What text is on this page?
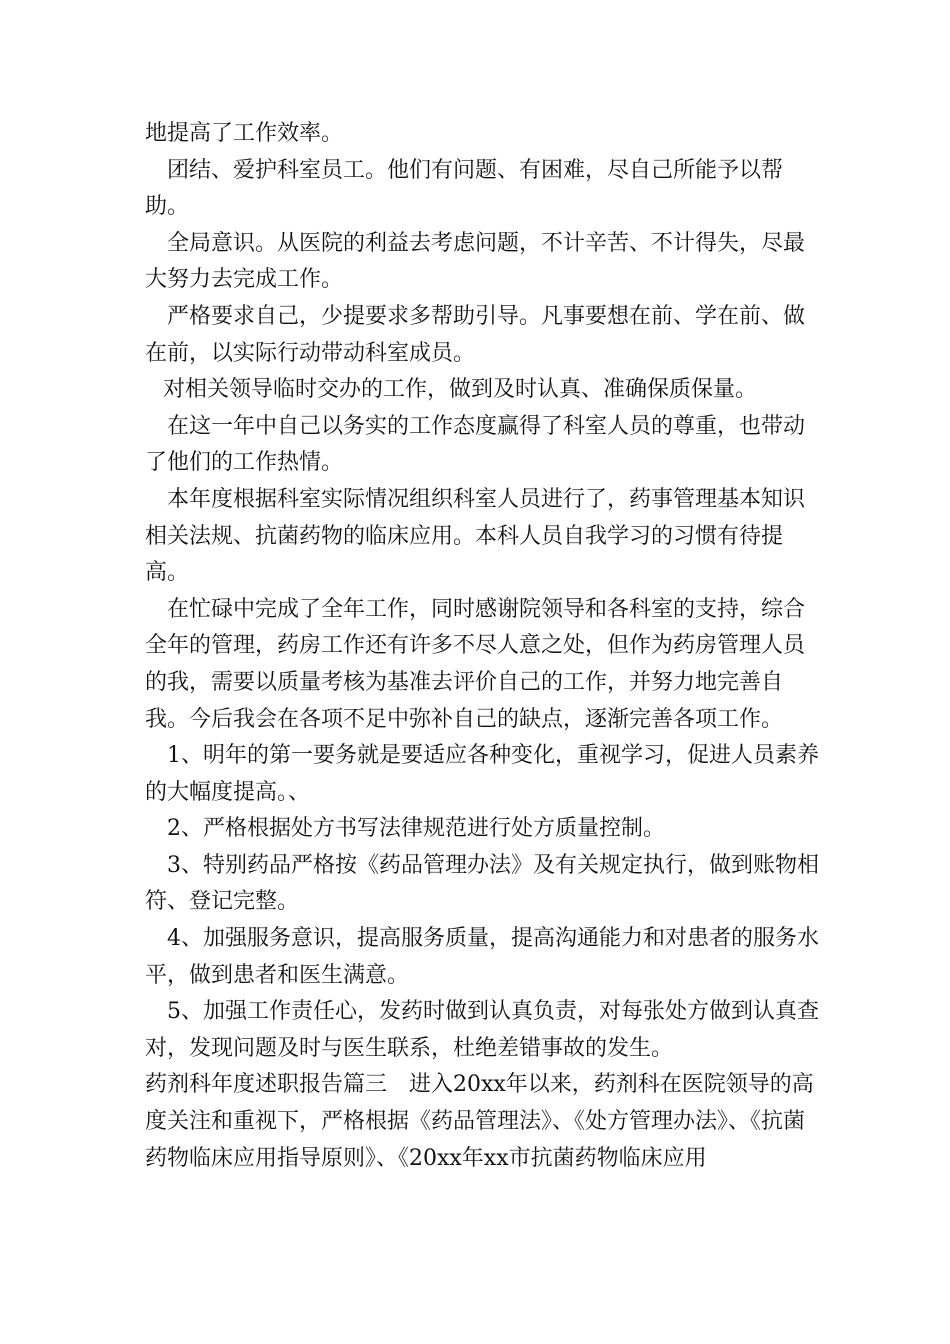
地提高了工作效率。

团结、爱护科室员工。他们有问题、有困难，尽自己所能予以帮助。

全局意识。从医院的利益去考虑问题，不计辛苦、不计得失，尽最大努力去完成工作。

严格要求自己，少提要求多帮助引导。凡事要想在前、学在前、做在前，以实际行动带动科室成员。

对相关领导临时交办的工作，做到及时认真、准确保质保量。

在这一年中自己以务实的工作态度赢得了科室人员的尊重，也带动了他们的工作热情。

本年度根据科室实际情况组织科室人员进行了，药事管理基本知识相关法规、抗菌药物的临床应用。本科人员自我学习的习惯有待提高。

在忙碌中完成了全年工作，同时感谢院领导和各科室的支持，综合全年的管理，药房工作还有许多不尽人意之处，但作为药房管理人员的我，需要以质量考核为基准去评价自己的工作，并努力地完善自我。今后我会在各项不足中弥补自己的缺点，逐渐完善各项工作。

1、明年的第一要务就是要适应各种变化，重视学习，促进人员素养的大幅度提高。、

2、严格根据处方书写法律规范进行处方质量控制。

3、特别药品严格按《药品管理办法》及有关规定执行，做到账物相符、登记完整。

4、加强服务意识，提高服务质量，提高沟通能力和对患者的服务水平，做到患者和医生满意。

5、加强工作责任心，发药时做到认真负责，对每张处方做到认真查对，发现问题及时与医生联系，杜绝差错事故的发生。

药剂科年度述职报告篇三　进入20xx年以来，药剂科在医院领导的高度关注和重视下，严格根据《药品管理法》、《处方管理办法》、《抗菌药物临床应用指导原则》、《20xx年xx市抗菌药物临床应用
